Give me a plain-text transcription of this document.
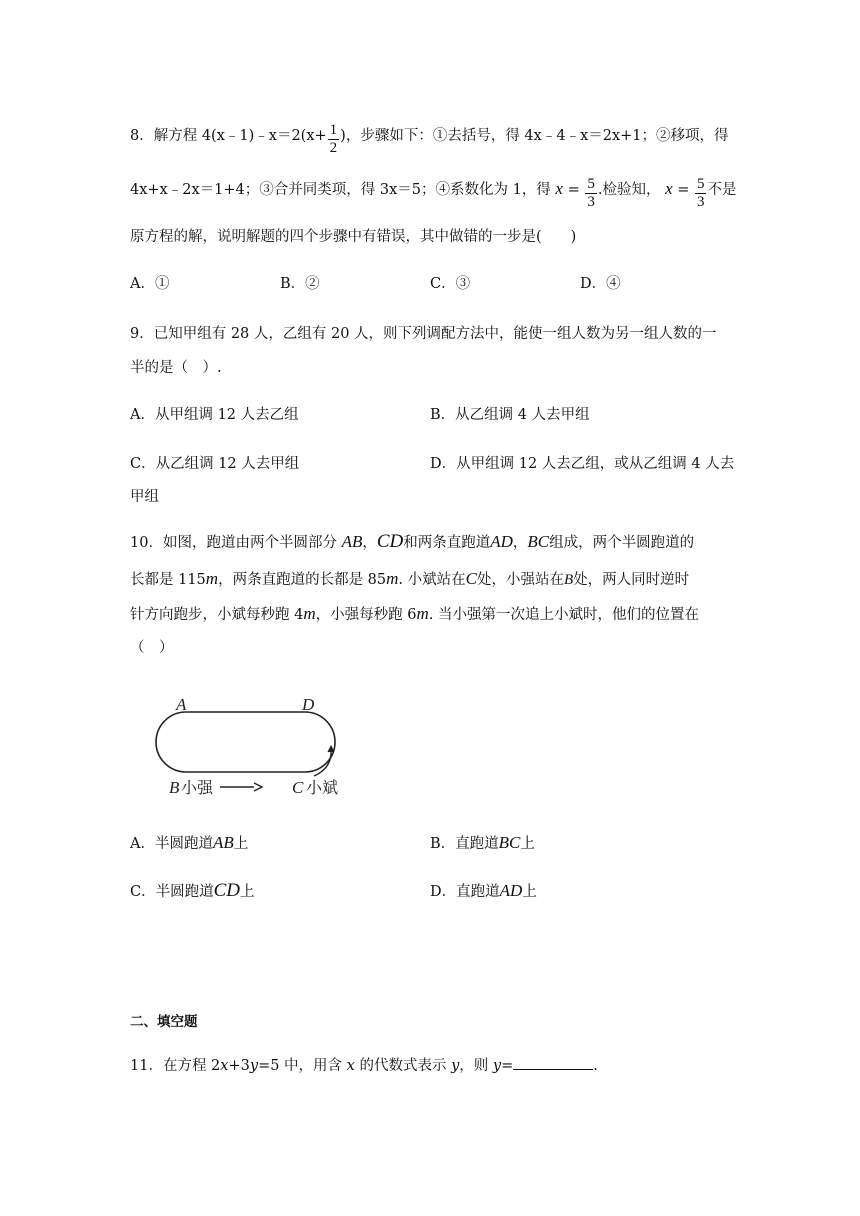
8．解方程 4(x﹣1)﹣x＝2(x+ $\frac{1}{2}$ )，步骤如下：①去括号，得 4x﹣4﹣x＝2x+1；②移项，得
4x+x﹣2x＝1+4；③合并同类项，得 3x＝5；④系数化为 1，得 $x = \frac{5}{3}$ .检验知， $x = \frac{5}{3}$ 不是
原方程的解，说明解题的四个步骤中有错误，其中做错的一步是(　　)
A．①	B．②	C．③	D．④
9．已知甲组有 28 人，乙组有 20 人，则下列调配方法中，能使一组人数为另一组人数的一
半的是（　）.
A．从甲组调 12 人去乙组	B．从乙组调 4 人去甲组
C．从乙组调 12 人去甲组	D．从甲组调 12 人去乙组，或从乙组调 4 人去
甲组
10．如图，跑道由两个半圆部分 AB，CD和两条直跑道AD，BC组成，两个半圆跑道的
长都是 115m，两条直跑道的长都是 85m. 小斌站在C处，小强站在B处，两人同时逆时
针方向跑步，小斌每秒跑 4m，小强每秒跑 6m. 当小强第一次追上小斌时，他们的位置在
（　）
A	D
B 小强	C 小斌
A．半圆跑道AB上	B．直跑道BC上
C．半圆跑道CD上	D．直跑道AD上
二、填空题
11．在方程 2x+3y=5 中，用含 x 的代数式表示 y，则 y=	.
